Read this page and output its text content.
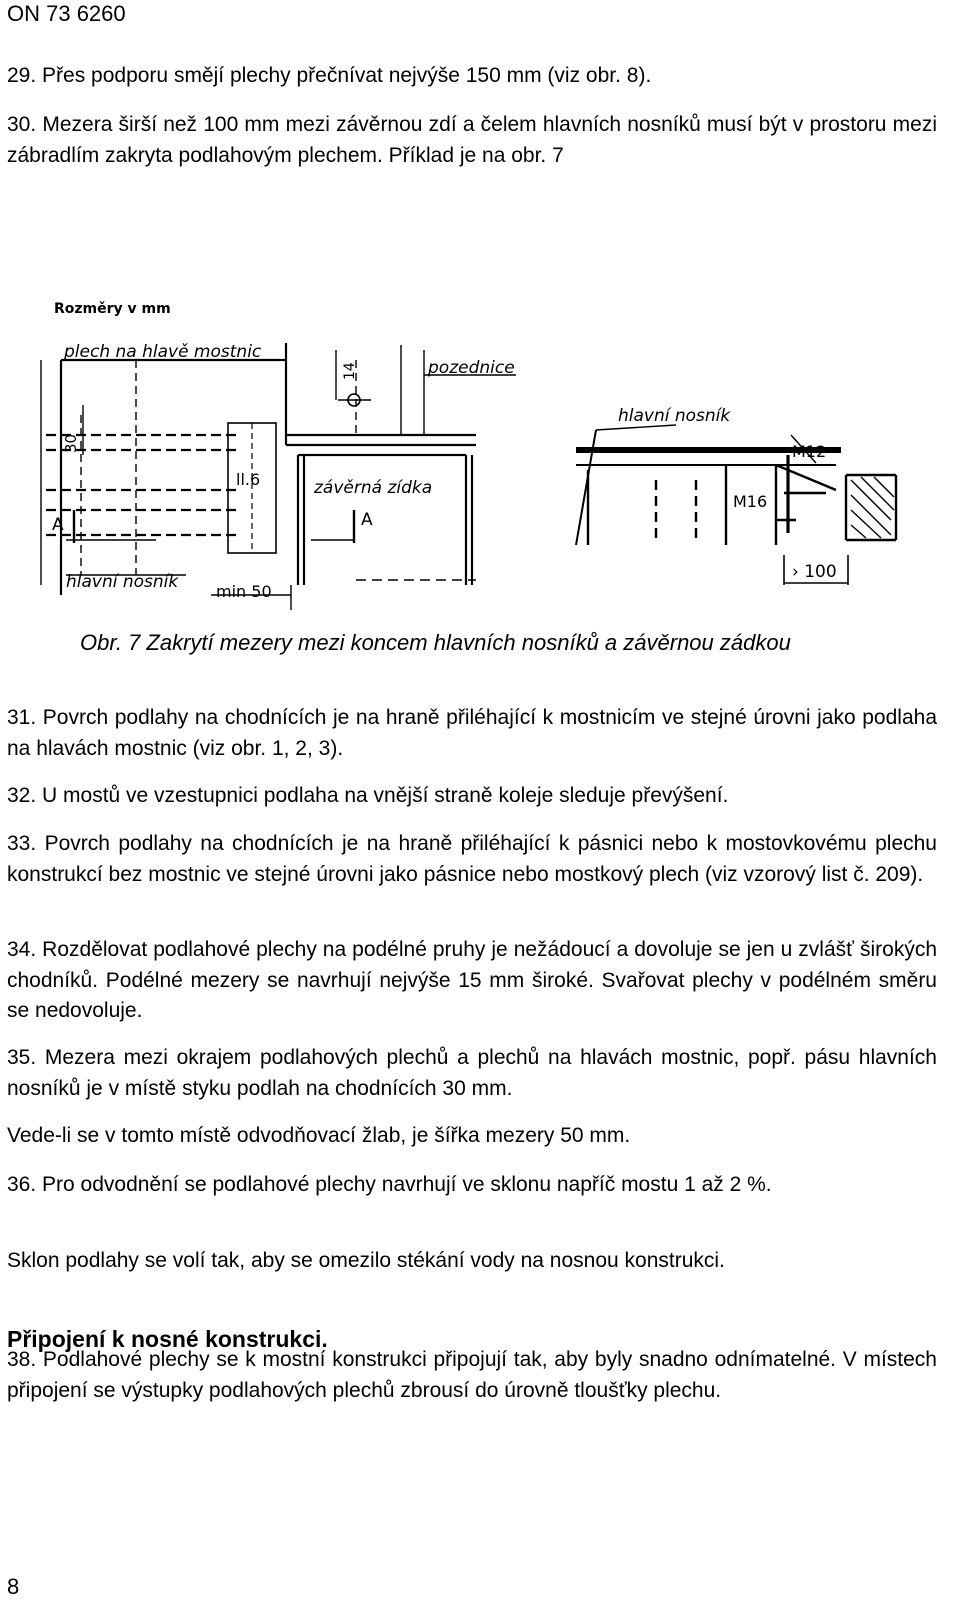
ON 73 6260

29. Přes podporu smějí plechy přečnívat nejvýše 150 mm (viz obr. 8).

30. Mezera širší než 100 mm mezi závěrnou zdí a čelem hlavních nosníků musí být v prostoru mezi zábradlím zakryta podlahovým plechem. Příklad je na obr. 7

Rozměry v mm
plech na hlavě mostnic
pozednice
hlavní nosník
M12
M16
ll.6	závěrná zídka
A	A
hlavní nosník min 50
30
14
› 100
Obr. 7 Zakrytí mezery mezi koncem hlavních nosníků a závěrnou zádkou

31. Povrch podlahy na chodnících je na hraně přiléhající k mostnicím ve stejné úrovni jako podlaha na hlavách mostnic (viz obr. 1, 2, 3).

32. U mostů ve vzestupnici podlaha na vnější straně koleje sleduje převýšení.

33. Povrch podlahy na chodnících je na hraně přiléhající k pásnici nebo k mostovkovému plechu konstrukcí bez mostnic ve stejné úrovni jako pásnice nebo mostkový plech (viz vzorový list č. 209).

34. Rozdělovat podlahové plechy na podélné pruhy je nežádoucí a dovoluje se jen u zvlášť širokých chodníků. Podélné mezery se navrhují nejvýše 15 mm široké. Svařovat plechy v podélném směru se nedovoluje.

35. Mezera mezi okrajem podlahových plechů a plechů na hlavách mostnic, popř. pásu hlavních nosníků je v místě styku podlah na chodnících 30 mm.

Vede-li se v tomto místě odvodňovací žlab, je šířka mezery 50 mm.

36. Pro odvodnění se podlahové plechy navrhují ve sklonu napříč mostu 1 až 2 %.

Sklon podlahy se volí tak, aby se omezilo stékání vody na nosnou konstrukci.

Připojení k nosné konstrukci.

38. Podlahové plechy se k mostní konstrukci připojují tak, aby byly snadno odnímatelné. V místech připojení se výstupky podlahových plechů zbrousí do úrovně tloušťky plechu.

8
